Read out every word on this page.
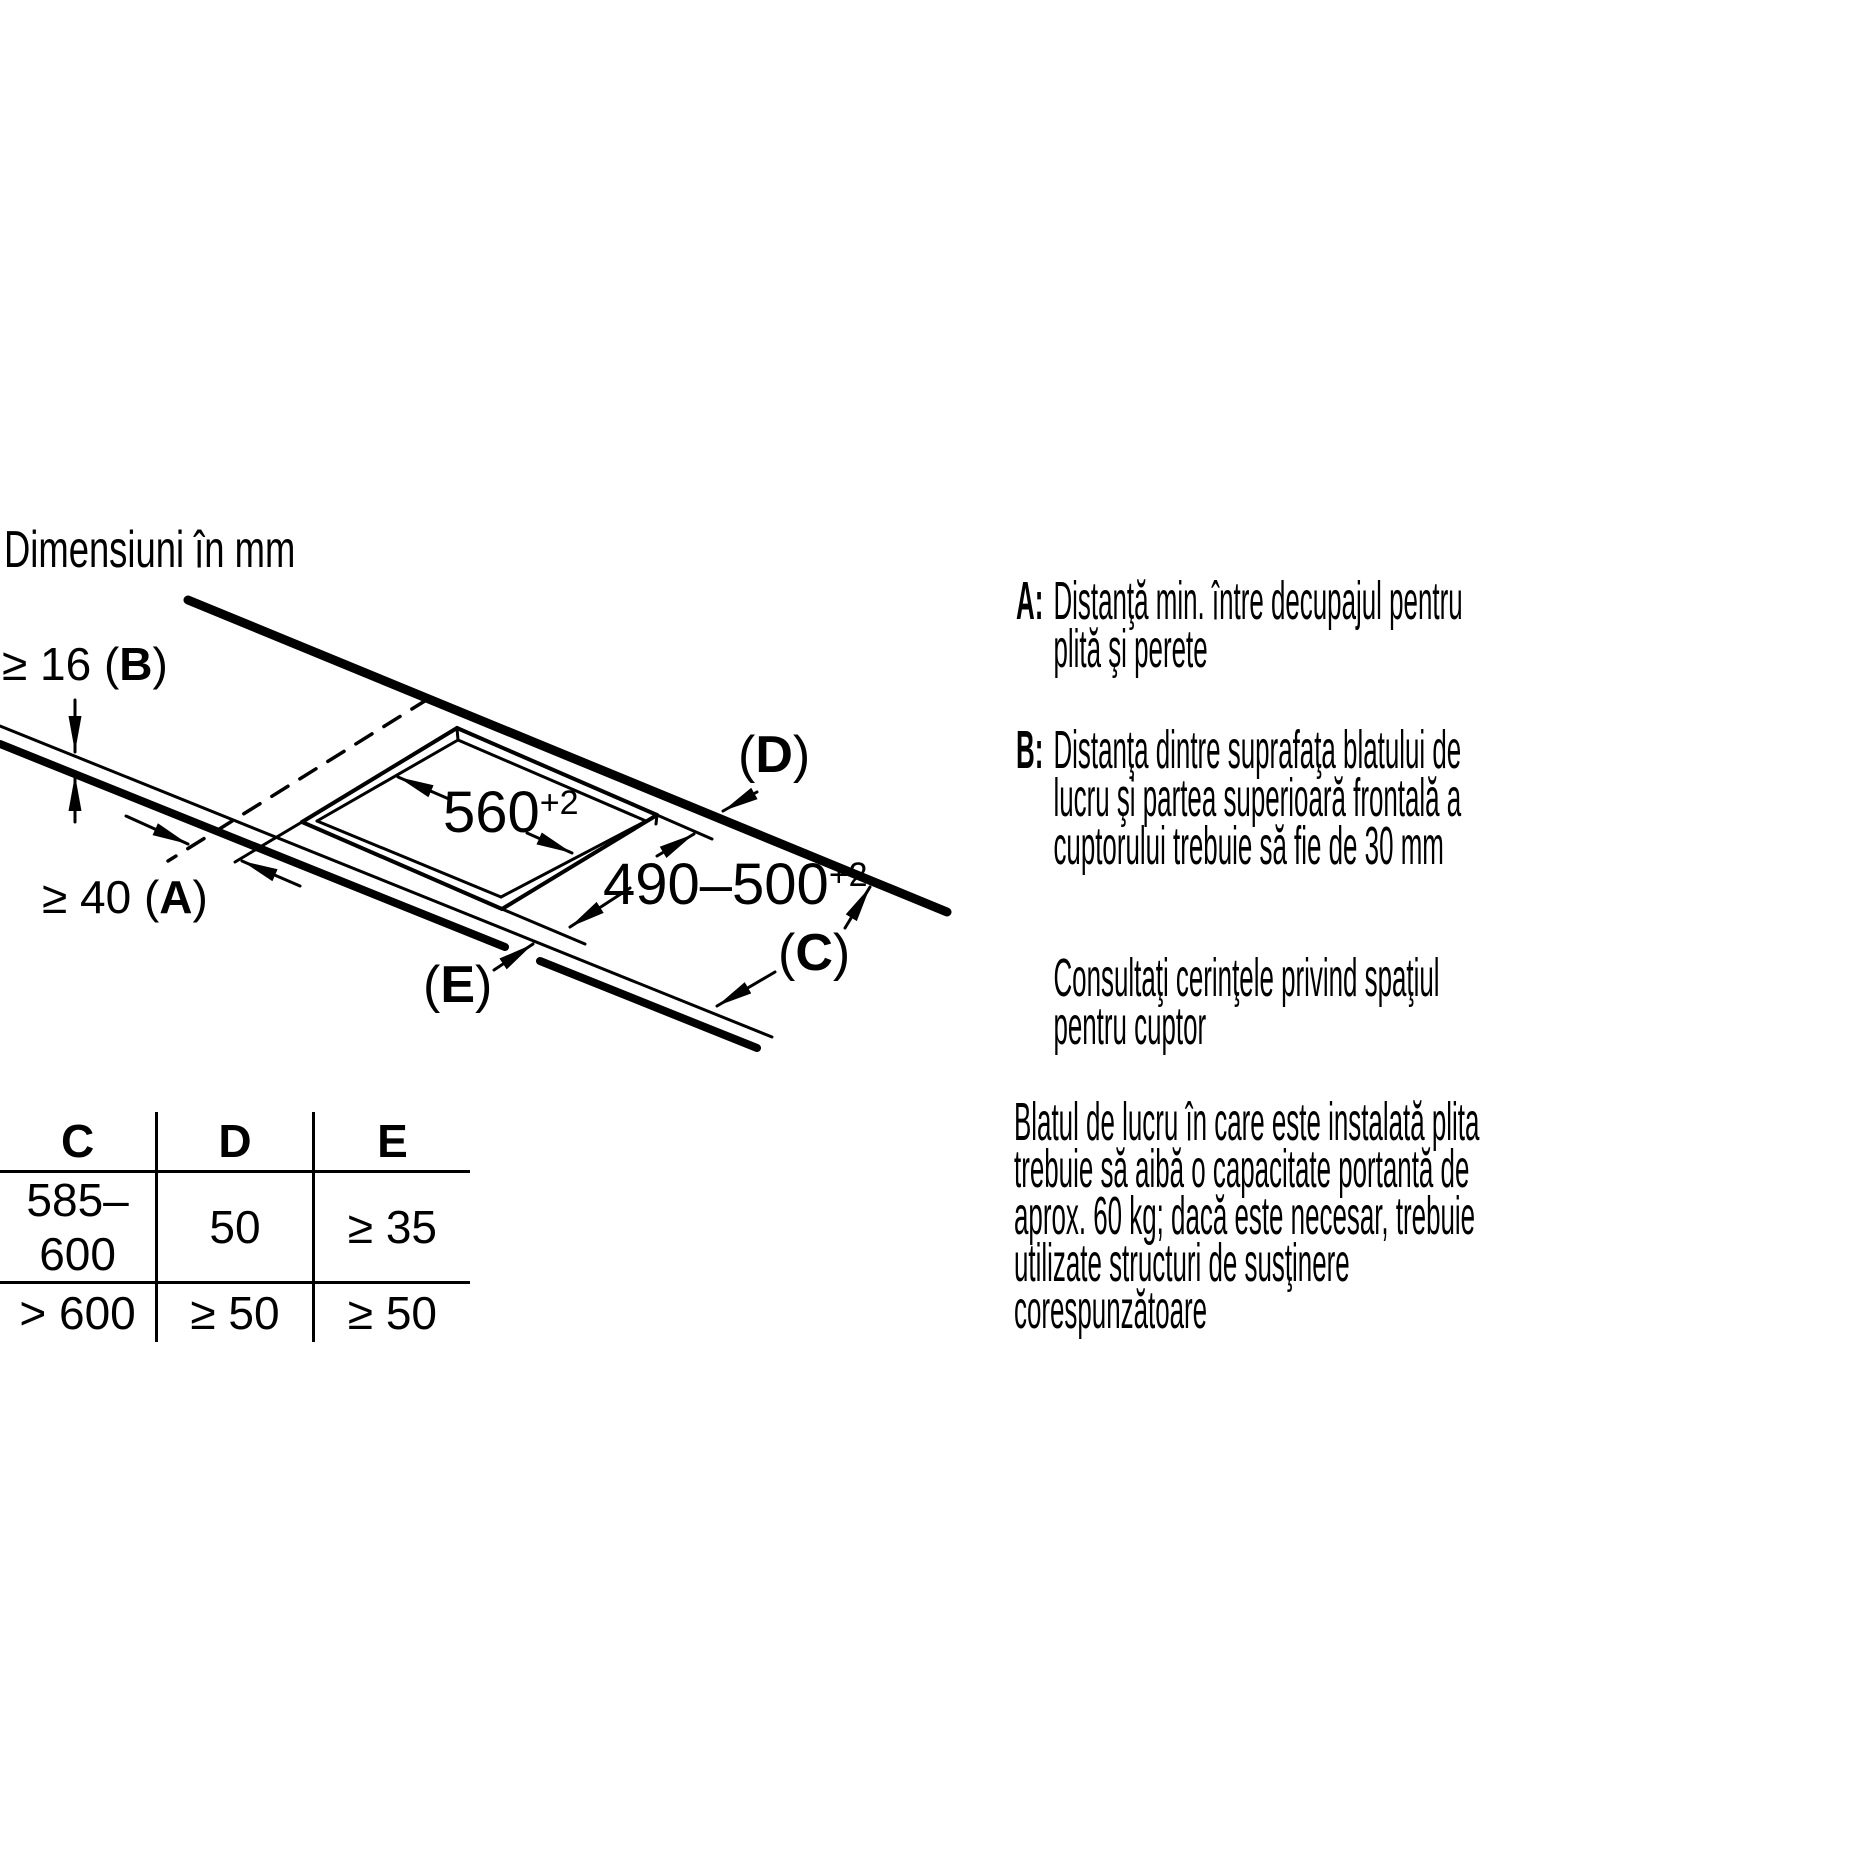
≥ 16 (B)
≥ 40 (A)
$560^{+2}$
$490-500^{+2}$
(D)
(C)
(E)
Dimensiuni în mm
A: Distanţă min. între decupajul pentru
plită şi perete
B: Distanţa dintre suprafaţa blatului de
lucru şi partea superioară frontală a
cuptorului trebuie să fie de 30 mm
Consultaţi cerinţele privind spaţiul
pentru cuptor
Blatul de lucru în care este instalată plita
trebuie să aibă o capacitate portantă de
aprox. 60 kg; dacă este necesar, trebuie
utilizate structuri de susţinere
corespunzătoare
C	D	E
585–600	50	≥ 35
> 600	≥ 50	≥ 50
